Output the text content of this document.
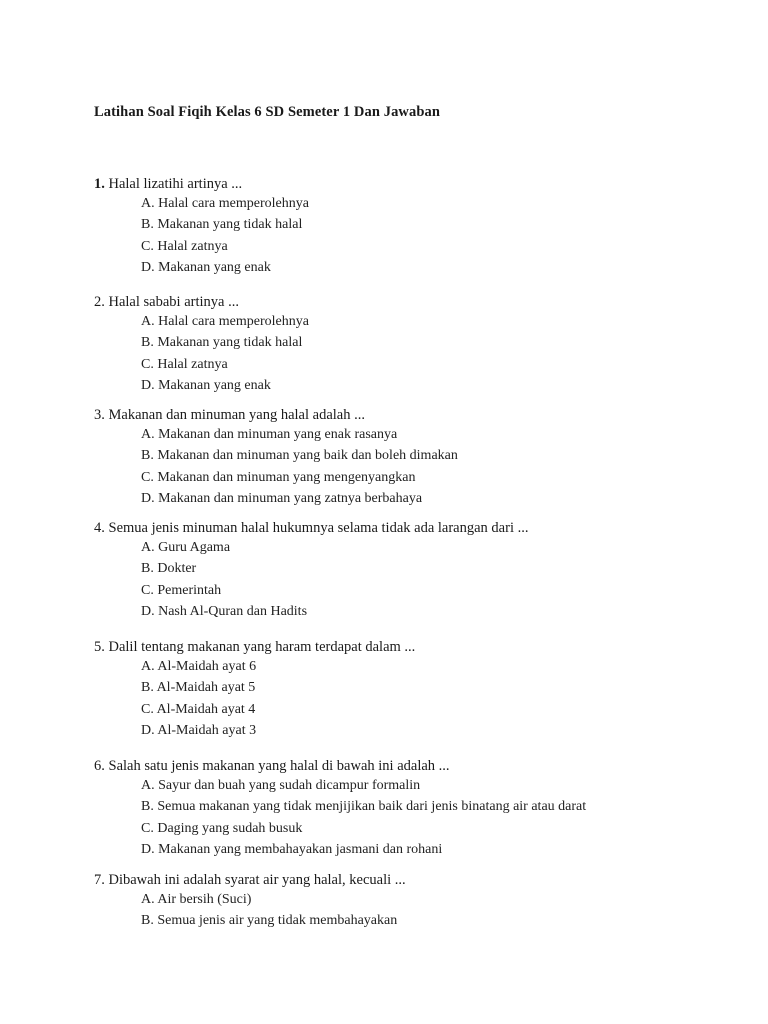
Latihan Soal Fiqih Kelas 6 SD Semeter 1 Dan Jawaban
1. Halal lizatihi artinya ...
A. Halal cara memperolehnya
B. Makanan yang tidak halal
C. Halal zatnya
D. Makanan yang enak
2. Halal sababi artinya ...
A. Halal cara memperolehnya
B. Makanan yang tidak halal
C. Halal zatnya
D. Makanan yang enak
3. Makanan dan minuman yang halal adalah ...
A. Makanan dan minuman yang enak rasanya
B. Makanan dan minuman yang baik dan boleh dimakan
C. Makanan dan minuman yang mengenyangkan
D. Makanan dan minuman yang zatnya berbahaya
4. Semua jenis minuman halal hukumnya selama tidak ada larangan dari ...
A. Guru Agama
B. Dokter
C. Pemerintah
D. Nash Al-Quran dan Hadits
5. Dalil tentang makanan yang haram terdapat dalam ...
A. Al-Maidah ayat 6
B. Al-Maidah ayat 5
C. Al-Maidah ayat 4
D. Al-Maidah ayat 3
6. Salah satu jenis makanan yang halal di bawah ini adalah ...
A. Sayur dan buah yang sudah dicampur formalin
B. Semua makanan yang tidak menjijikan baik dari jenis binatang air atau darat
C. Daging yang sudah busuk
D. Makanan yang membahayakan jasmani dan rohani
7. Dibawah ini adalah syarat air yang halal, kecuali ...
A. Air bersih (Suci)
B. Semua jenis air yang tidak membahayakan
